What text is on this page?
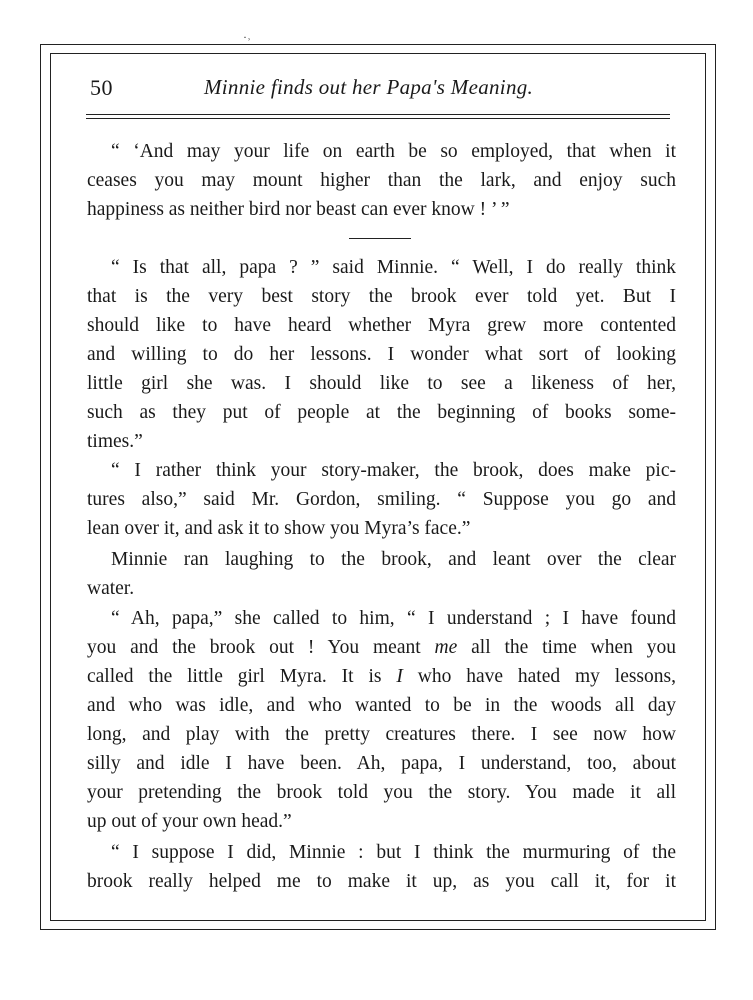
·˒
50	Minnie finds out her Papa's Meaning.
“ ‘And may your life on earth be so employed, that when it
ceases you may mount higher than the lark, and enjoy such
happiness as neither bird nor beast can ever know ! ’ ”
“ Is that all, papa ? ” said Minnie. “ Well, I do really think
that is the very best story the brook ever told yet. But I
should like to have heard whether Myra grew more contented
and willing to do her lessons. I wonder what sort of looking
little girl she was. I should like to see a likeness of her,
such as they put of people at the beginning of books some-
times.”
“ I rather think your story-maker, the brook, does make pic-
tures also,” said Mr. Gordon, smiling. “ Suppose you go and
lean over it, and ask it to show you Myra’s face.”
Minnie ran laughing to the brook, and leant over the clear
water.
“ Ah, papa,” she called to him, “ I understand ; I have found
you and the brook out ! You meant me all the time when you
called the little girl Myra. It is I who have hated my lessons,
and who was idle, and who wanted to be in the woods all day
long, and play with the pretty creatures there. I see now how
silly and idle I have been. Ah, papa, I understand, too, about
your pretending the brook told you the story. You made it all
up out of your own head.”
“ I suppose I did, Minnie : but I think the murmuring of the
brook really helped me to make it up, as you call it, for it
